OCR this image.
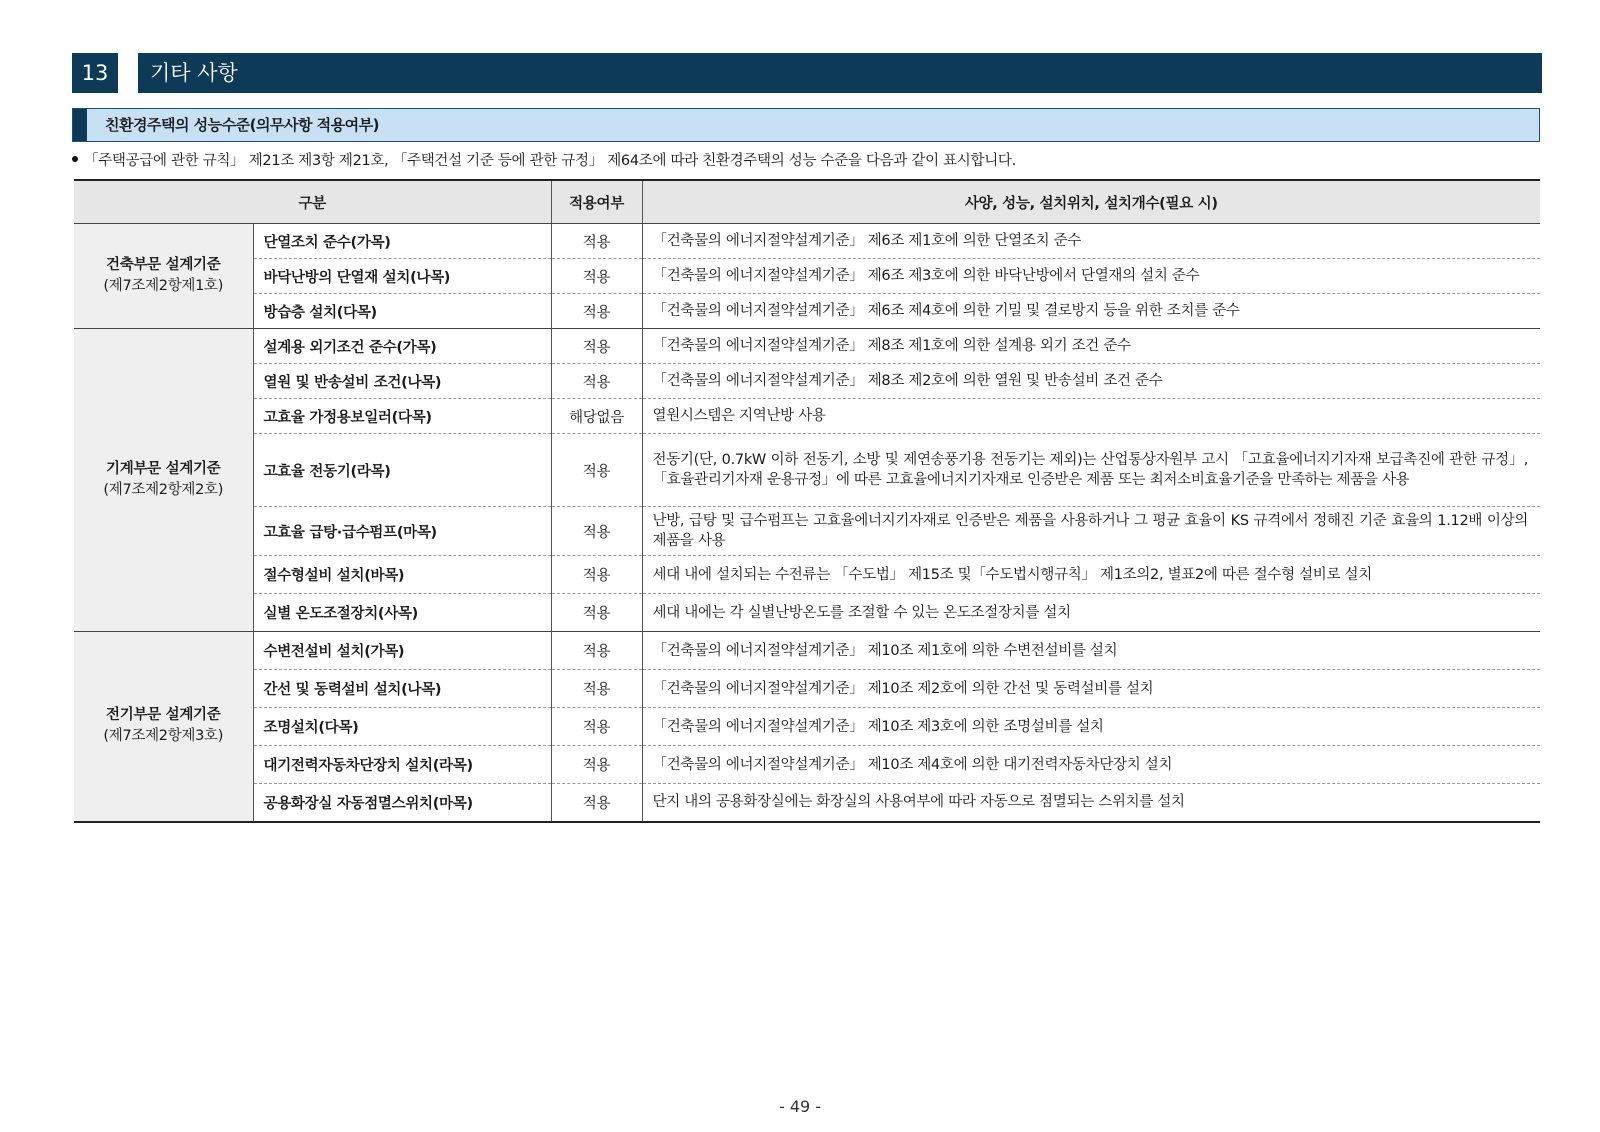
13	기타 사항
친환경주택의 성능수준(의무사항 적용여부)
「주택공급에 관한 규칙」 제21조 제3항 제21호, 「주택건설 기준 등에 관한 규정」 제64조에 따라 친환경주택의 성능 수준을 다음과 같이 표시합니다.
구분		적용여부	사양, 성능, 설치위치, 설치개수(필요 시)

건축부문 설계기준
(제7조제2항제1호)	단열조치 준수(가목)	적용	「건축물의 에너지절약설계기준」 제6조 제1호에 의한 단열조치 준수
	바닥난방의 단열재 설치(나목)	적용	「건축물의 에너지절약설계기준」 제6조 제3호에 의한 바닥난방에서 단열재의 설치 준수
	방습층 설치(다목)	적용	「건축물의 에너지절약설계기준」 제6조 제4호에 의한 기밀 및 결로방지 등을 위한 조치를 준수

기계부문 설계기준
(제7조제2항제2호)	설계용 외기조건 준수(가목)	적용	「건축물의 에너지절약설계기준」 제8조 제1호에 의한 설계용 외기 조건 준수
	열원 및 반송설비 조건(나목)	적용	「건축물의 에너지절약설계기준」 제8조 제2호에 의한 열원 및 반송설비 조건 준수
	고효율 가정용보일러(다목)	해당없음	열원시스템은 지역난방 사용
	고효율 전동기(라목)	적용	전동기(단, 0.7kW 이하 전동기, 소방 및 제연송풍기용 전동기는 제외)는 산업통상자원부 고시 「고효율에너지기자재 보급촉진에 관한 규정」, 「효율관리기자재 운용규정」에 따른 고효율에너지기자재로 인증받은 제품 또는 최저소비효율기준을 만족하는 제품을 사용
	고효율 급탕·급수펌프(마목)	적용	난방, 급탕 및 급수펌프는 고효율에너지기자재로 인증받은 제품을 사용하거나 그 평균 효율이 KS 규격에서 정해진 기준 효율의 1.12배 이상의 제품을 사용
	절수형설비 설치(바목)	적용	세대 내에 설치되는 수전류는 「수도법」 제15조 및「수도법시행규칙」 제1조의2, 별표2에 따른 절수형 설비로 설치
	실별 온도조절장치(사목)	적용	세대 내에는 각 실별난방온도를 조절할 수 있는 온도조절장치를 설치

전기부문 설계기준
(제7조제2항제3호)	수변전설비 설치(가목)	적용	「건축물의 에너지절약설계기준」 제10조 제1호에 의한 수변전설비를 설치
	간선 및 동력설비 설치(나목)	적용	「건축물의 에너지절약설계기준」 제10조 제2호에 의한 간선 및 동력설비를 설치
	조명설치(다목)	적용	「건축물의 에너지절약설계기준」 제10조 제3호에 의한 조명설비를 설치
	대기전력자동차단장치 설치(라목)	적용	「건축물의 에너지절약설계기준」 제10조 제4호에 의한 대기전력자동차단장치 설치
	공용화장실 자동점멸스위치(마목)	적용	단지 내의 공용화장실에는 화장실의 사용여부에 따라 자동으로 점멸되는 스위치를 설치
- 49 -
